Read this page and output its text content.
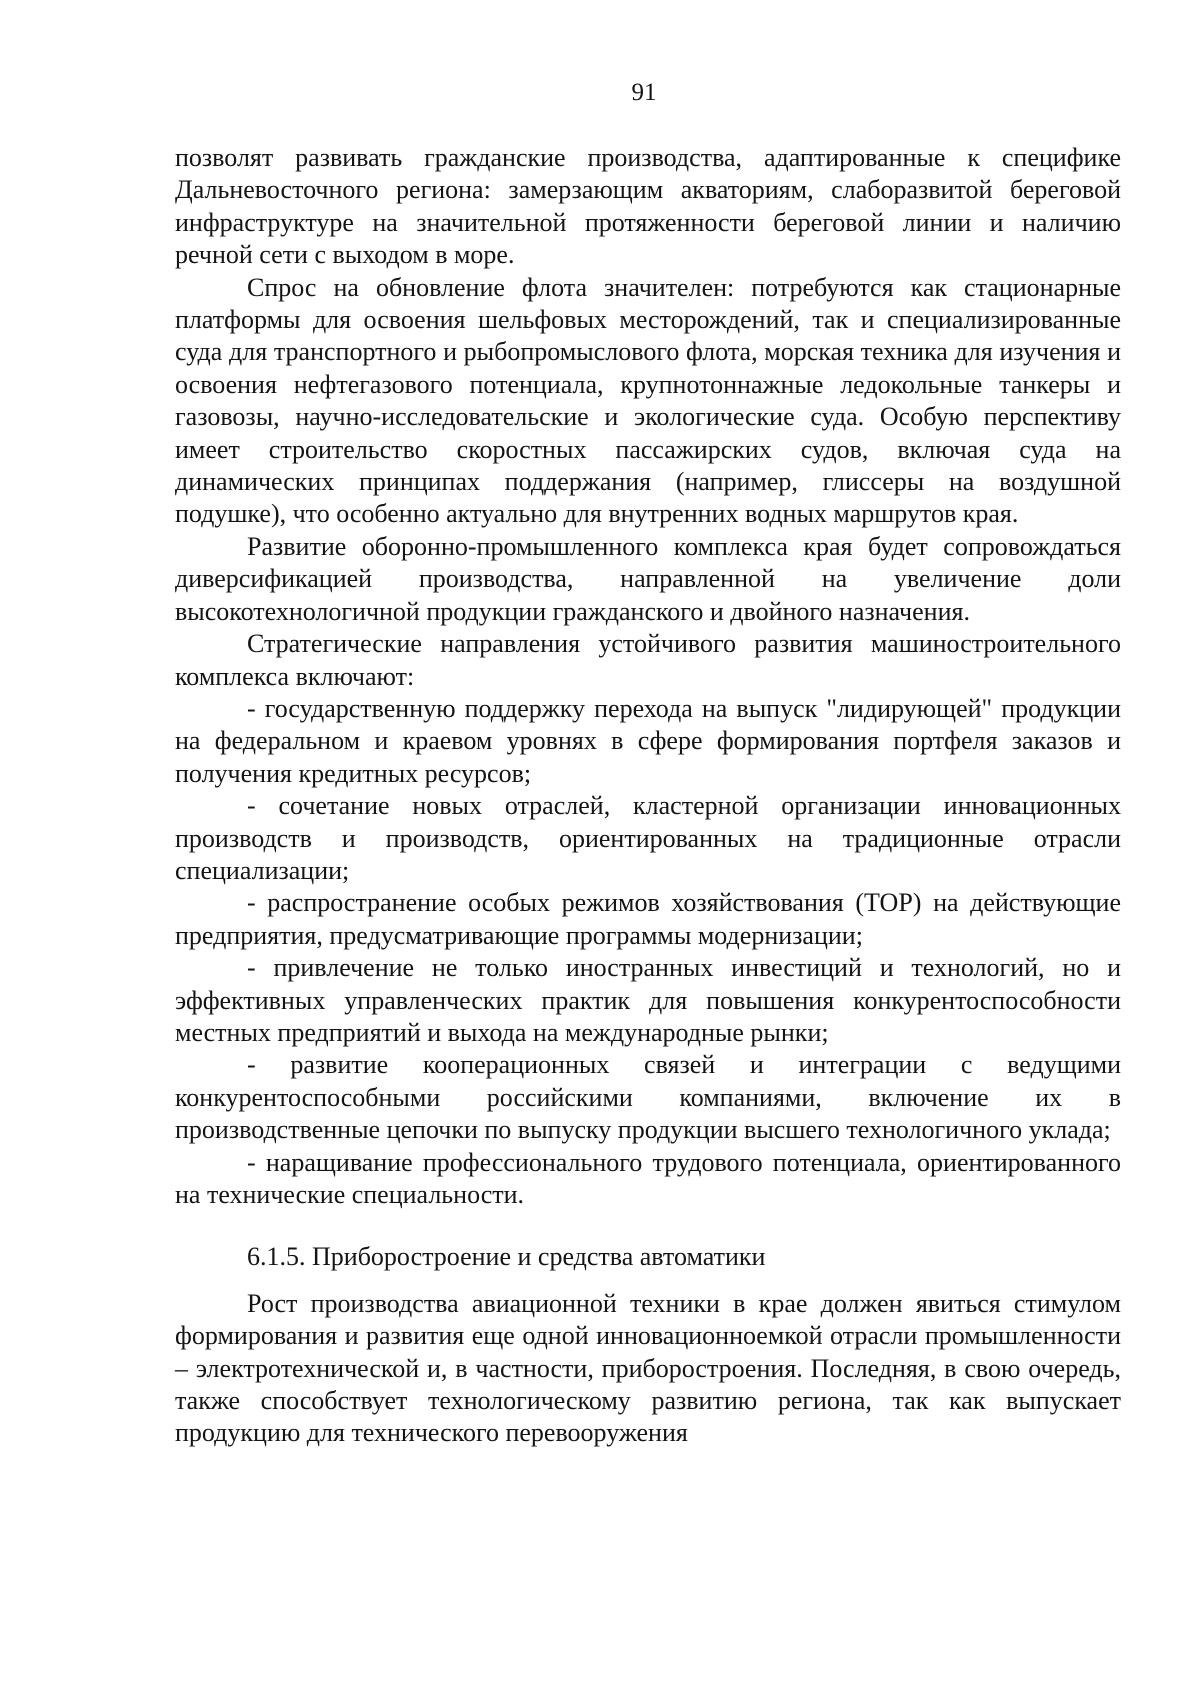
91

позволят развивать гражданские производства, адаптированные к специфике Дальневосточного региона: замерзающим акваториям, слаборазвитой береговой инфраструктуре на значительной протяженности береговой линии и наличию речной сети с выходом в море.

Спрос на обновление флота значителен: потребуются как стационарные платформы для освоения шельфовых месторождений, так и специализированные суда для транспортного и рыбопромыслового флота, морская техника для изучения и освоения нефтегазового потенциала, крупнотоннажные ледокольные танкеры и газовозы, научно-исследовательские и экологические суда. Особую перспективу имеет строительство скоростных пассажирских судов, включая суда на динамических принципах поддержания (например, глиссеры на воздушной подушке), что особенно актуально для внутренних водных маршрутов края.

Развитие оборонно-промышленного комплекса края будет сопровождаться диверсификацией производства, направленной на увеличение доли высокотехнологичной продукции гражданского и двойного назначения.

Стратегические направления устойчивого развития машиностроительного комплекса включают:

- государственную поддержку перехода на выпуск "лидирующей" продукции на федеральном и краевом уровнях в сфере формирования портфеля заказов и получения кредитных ресурсов;

- сочетание новых отраслей, кластерной организации инновационных производств и производств, ориентированных на традиционные отрасли специализации;

- распространение особых режимов хозяйствования (ТОР) на действующие предприятия, предусматривающие программы модернизации;

- привлечение не только иностранных инвестиций и технологий, но и эффективных управленческих практик для повышения конкурентоспособности местных предприятий и выхода на международные рынки;

- развитие кооперационных связей и интеграции с ведущими конкурентоспособными российскими компаниями, включение их в производственные цепочки по выпуску продукции высшего технологичного уклада;

- наращивание профессионального трудового потенциала, ориентированного на технические специальности.

6.1.5. Приборостроение и средства автоматики

Рост производства авиационной техники в крае должен явиться стимулом формирования и развития еще одной инновационноемкой отрасли промышленности – электротехнической и, в частности, приборостроения. Последняя, в свою очередь, также способствует технологическому развитию региона, так как выпускает продукцию для технического перевооружения
